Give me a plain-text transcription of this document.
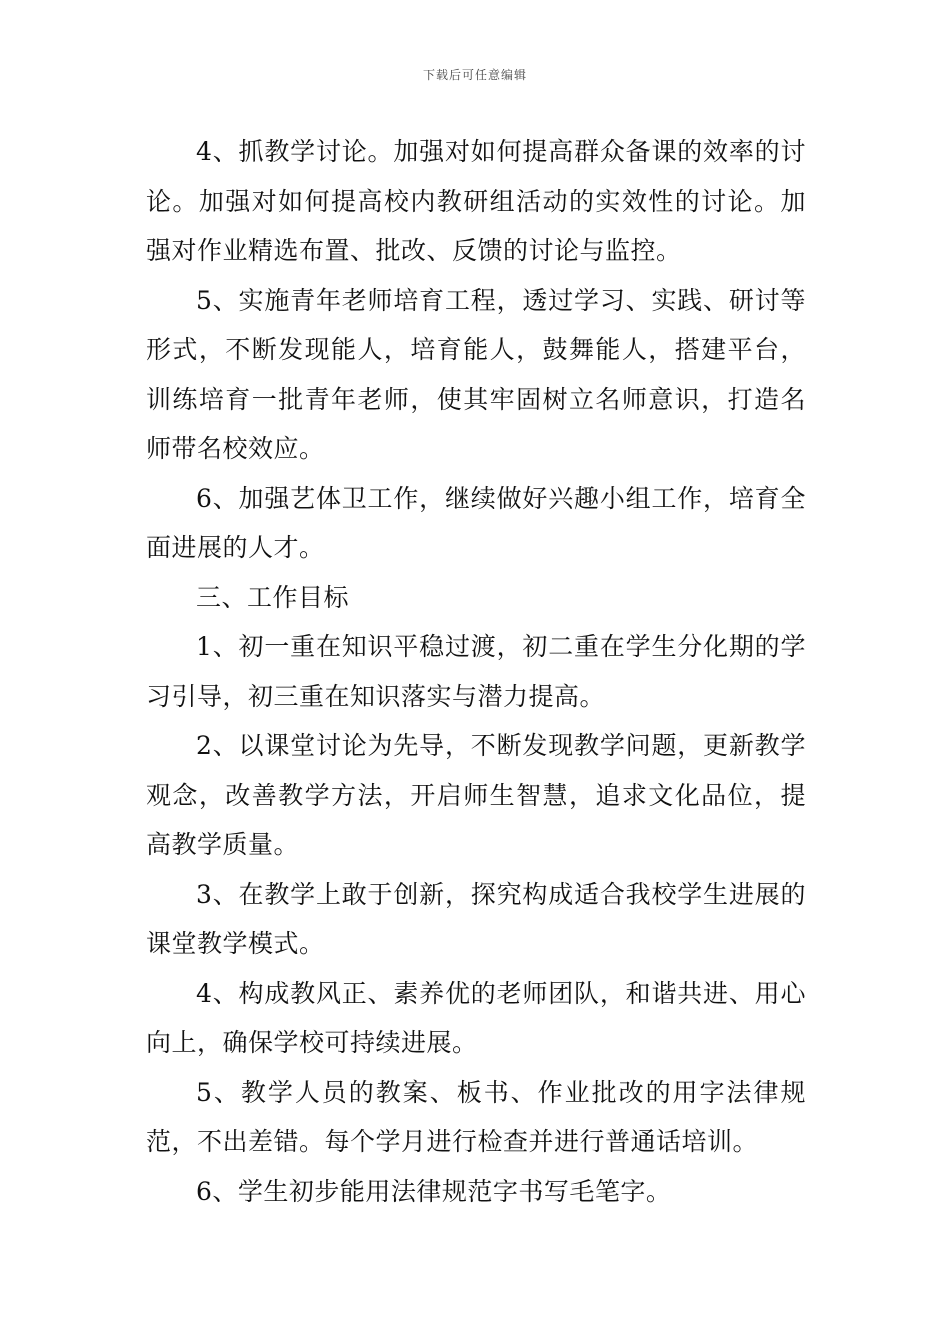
下载后可任意编辑

4、抓教学讨论。加强对如何提高群众备课的效率的讨论。加强对如何提高校内教研组活动的实效性的讨论。加强对作业精选布置、批改、反馈的讨论与监控。

5、实施青年老师培育工程，透过学习、实践、研讨等形式，不断发现能人，培育能人，鼓舞能人，搭建平台，训练培育一批青年老师，使其牢固树立名师意识，打造名师带名校效应。

6、加强艺体卫工作，继续做好兴趣小组工作，培育全面进展的人才。

三、工作目标

1、初一重在知识平稳过渡，初二重在学生分化期的学习引导，初三重在知识落实与潜力提高。

2、以课堂讨论为先导，不断发现教学问题，更新教学观念，改善教学方法，开启师生智慧，追求文化品位，提高教学质量。

3、在教学上敢于创新，探究构成适合我校学生进展的课堂教学模式。

4、构成教风正、素养优的老师团队，和谐共进、用心向上，确保学校可持续进展。

5、教学人员的教案、板书、作业批改的用字法律规范，不出差错。每个学月进行检查并进行普通话培训。

6、学生初步能用法律规范字书写毛笔字。
